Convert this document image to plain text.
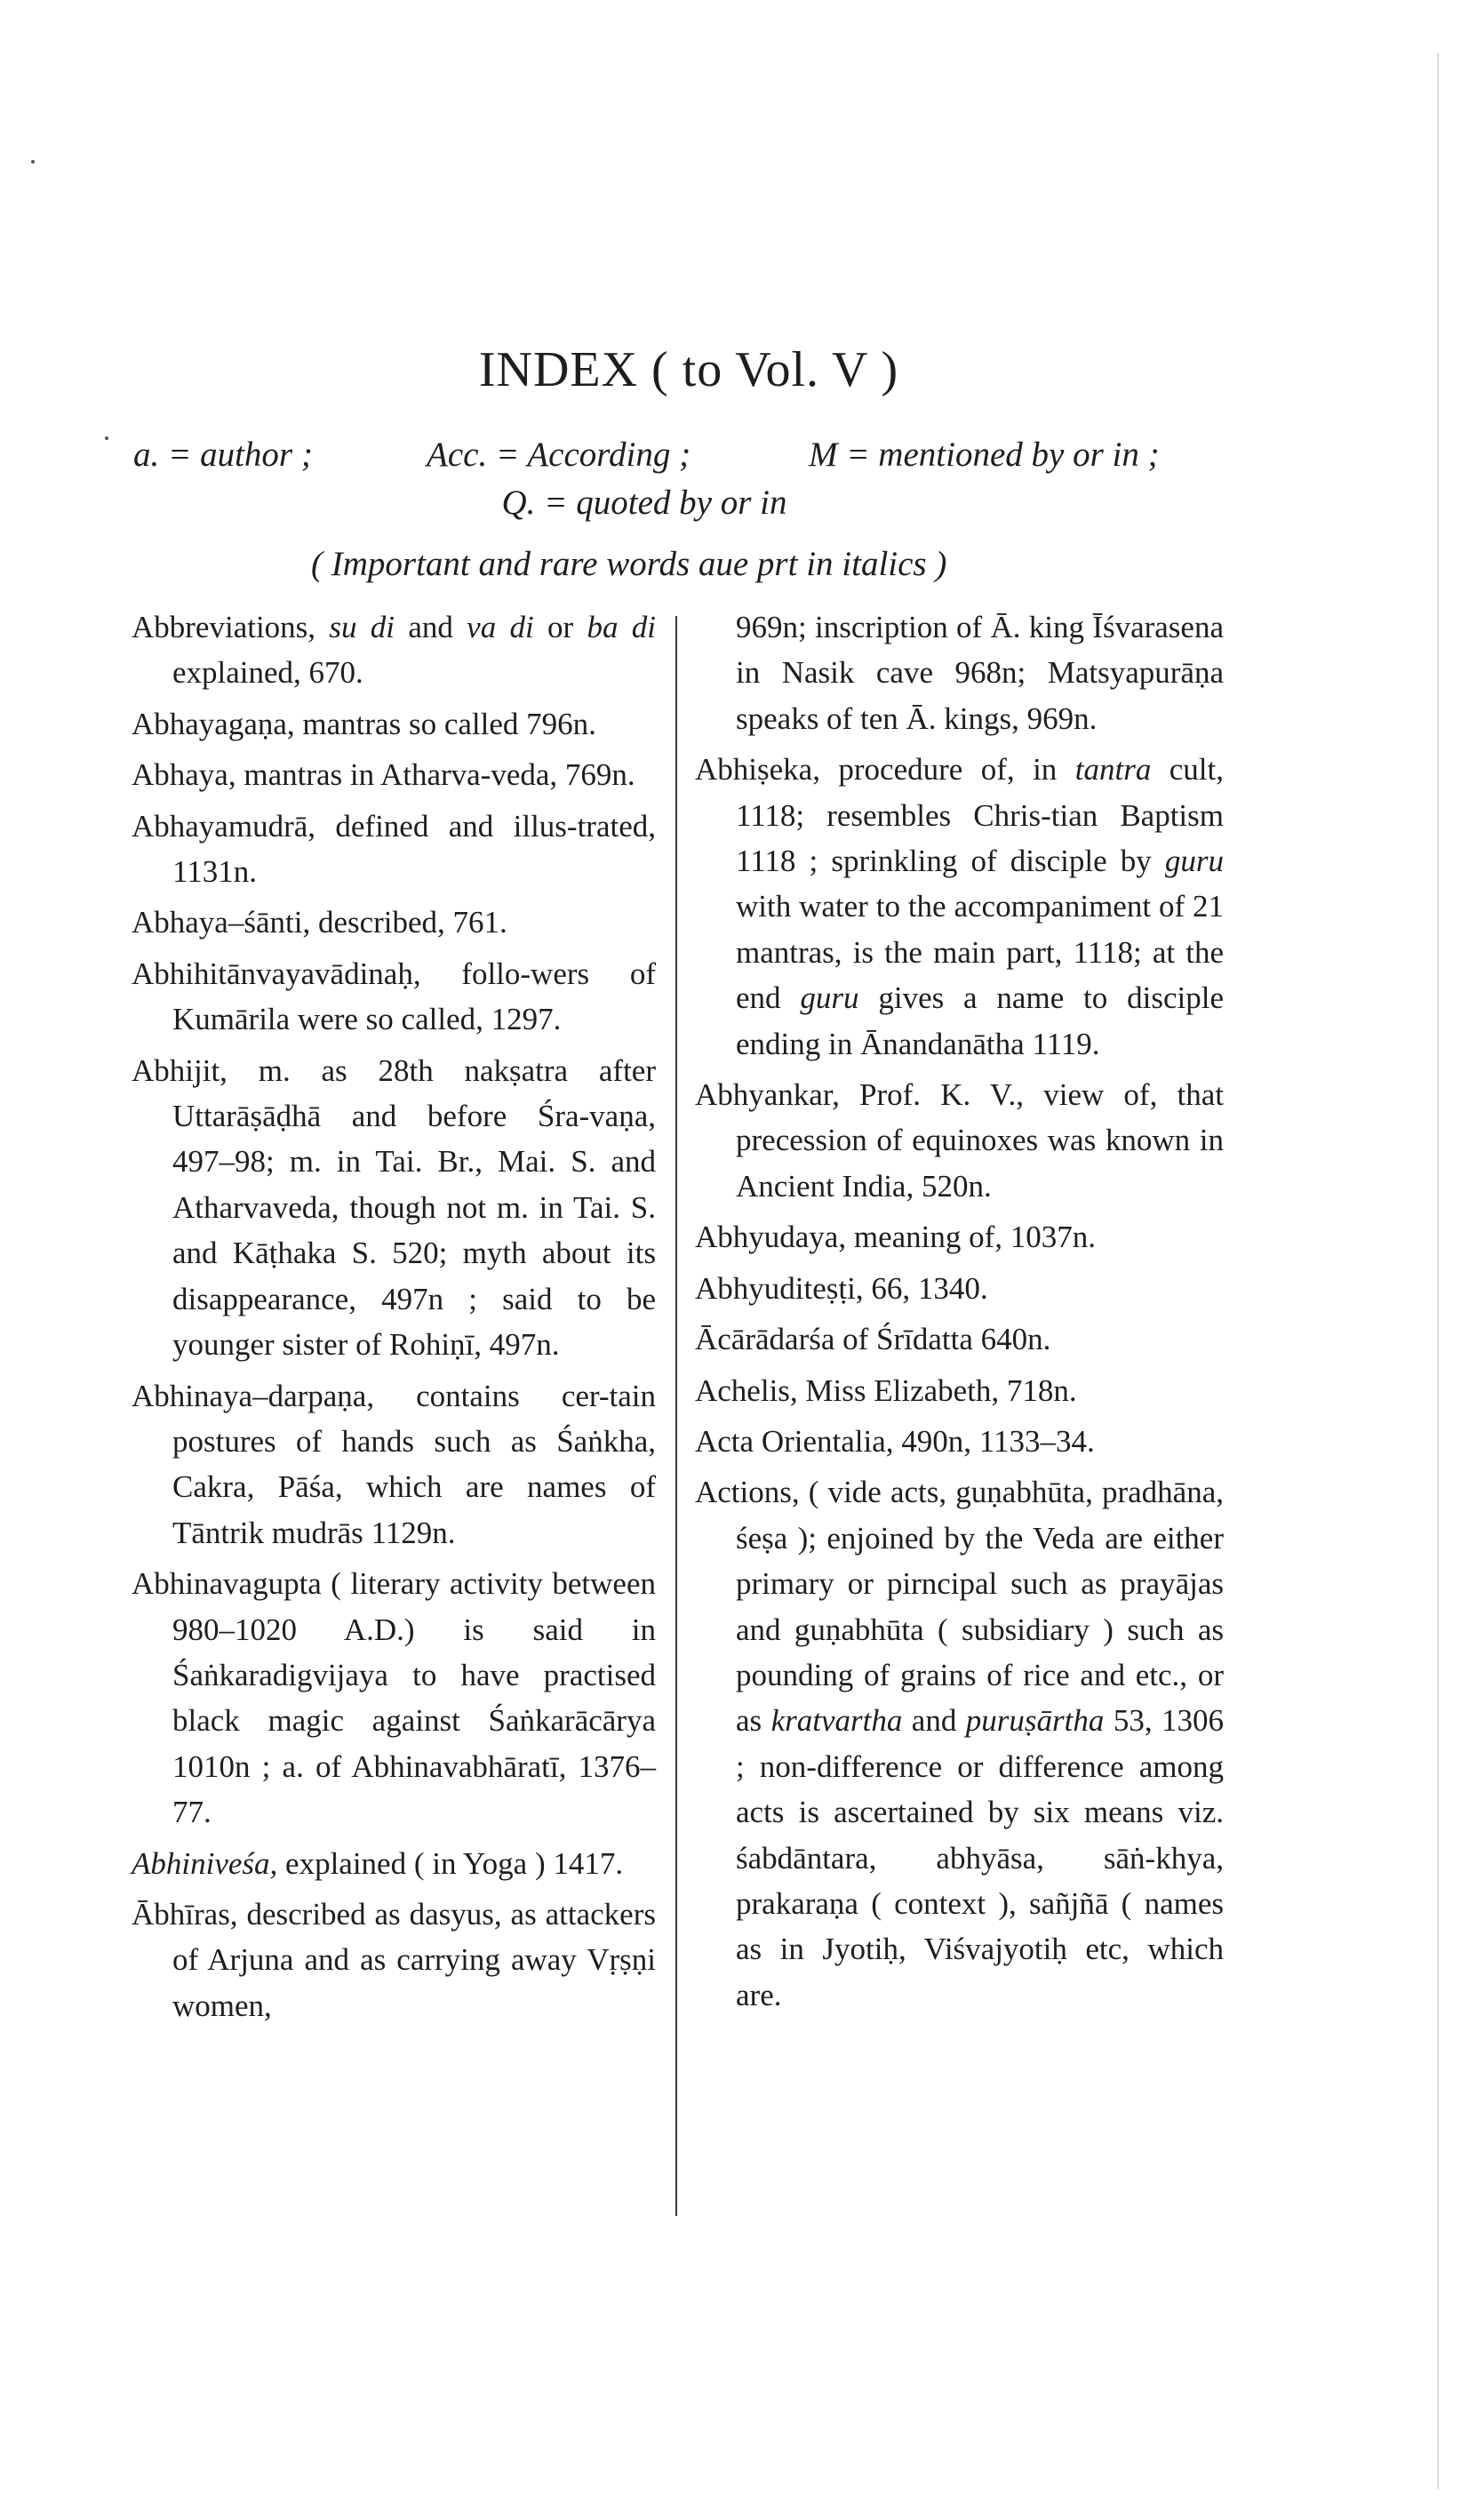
INDEX ( to Vol. V )
a. = author ;	Acc. = According ;	M = mentioned by or in ;
Q. = quoted by or in
( Important and rare words aue prt in italics )

Abbreviations, su di and va di or ba di explained, 670.

Abhayagaṇa, mantras so called 796n.

Abhaya, mantras in Atharva-veda, 769n.

Abhayamudrā, defined and illus-trated, 1131n.

Abhaya–śānti, described, 761.

Abhihitānvayavādinaḥ, follo-wers of Kumārila were so called, 1297.

Abhijit, m. as 28th nakṣatra after Uttarāṣāḍhā and before Śra-vaṇa, 497–98; m. in Tai. Br., Mai. S. and Atharvaveda, though not m. in Tai. S. and Kāṭhaka S. 520; myth about its disappearance, 497n ; said to be younger sister of Rohiṇī, 497n.

Abhinaya–darpaṇa, contains cer-tain postures of hands such as Śaṅkha, Cakra, Pāśa, which are names of Tāntrik mudrās 1129n.

Abhinavagupta ( literary activity between 980–1020 A.D.) is said in Śaṅkaradigvijaya to have practised black magic against Śaṅkarācārya 1010n ; a. of Abhinavabhāratī, 1376–77.

Abhiniveśa, explained ( in Yoga ) 1417.

Ābhīras, described as dasyus, as attackers of Arjuna and as carrying away Vṛṣṇi women,

969n; inscription of Ā. king Īśvarasena in Nasik cave 968n; Matsyapurāṇa speaks of ten Ā. kings, 969n.

Abhiṣeka, procedure of, in tantra cult, 1118; resembles Chris-tian Baptism 1118 ; sprinkling of disciple by guru with water to the accompaniment of 21 mantras, is the main part, 1118; at the end guru gives a name to disciple ending in Ānandanātha 1119.

Abhyankar, Prof. K. V., view of, that precession of equinoxes was known in Ancient India, 520n.

Abhyudaya, meaning of, 1037n.

Abhyuditeṣṭi, 66, 1340.

Ācārādarśa of Śrīdatta 640n.

Achelis, Miss Elizabeth, 718n.

Acta Orientalia, 490n, 1133–34.

Actions, ( vide acts, guṇabhūta, pradhāna, śeṣa ); enjoined by the Veda are either primary or pirncipal such as prayājas and guṇabhūta ( subsidiary ) such as pounding of grains of rice and etc., or as kratvartha and puruṣārtha 53, 1306 ; non-difference or difference among acts is ascertained by six means viz. śabdāntara, abhyāsa, sāṅ-khya, prakaraṇa ( context ), sañjñā ( names as in Jyotiḥ, Viśvajyotiḥ etc, which are.
